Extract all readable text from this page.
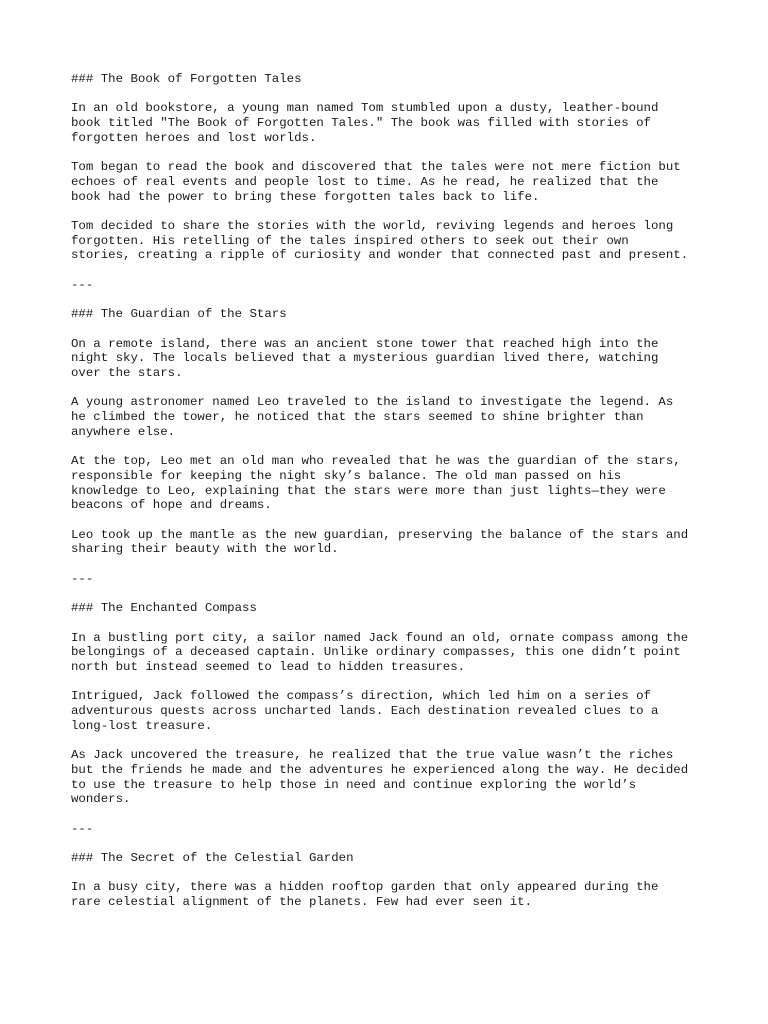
### The Book of Forgotten Tales

In an old bookstore, a young man named Tom stumbled upon a dusty, leather-bound
book titled "The Book of Forgotten Tales." The book was filled with stories of
forgotten heroes and lost worlds.

Tom began to read the book and discovered that the tales were not mere fiction but
echoes of real events and people lost to time. As he read, he realized that the
book had the power to bring these forgotten tales back to life.

Tom decided to share the stories with the world, reviving legends and heroes long
forgotten. His retelling of the tales inspired others to seek out their own
stories, creating a ripple of curiosity and wonder that connected past and present.

---

### The Guardian of the Stars

On a remote island, there was an ancient stone tower that reached high into the
night sky. The locals believed that a mysterious guardian lived there, watching
over the stars.

A young astronomer named Leo traveled to the island to investigate the legend. As
he climbed the tower, he noticed that the stars seemed to shine brighter than
anywhere else.

At the top, Leo met an old man who revealed that he was the guardian of the stars,
responsible for keeping the night sky’s balance. The old man passed on his
knowledge to Leo, explaining that the stars were more than just lights—they were
beacons of hope and dreams.

Leo took up the mantle as the new guardian, preserving the balance of the stars and
sharing their beauty with the world.

---

### The Enchanted Compass

In a bustling port city, a sailor named Jack found an old, ornate compass among the
belongings of a deceased captain. Unlike ordinary compasses, this one didn’t point
north but instead seemed to lead to hidden treasures.

Intrigued, Jack followed the compass’s direction, which led him on a series of
adventurous quests across uncharted lands. Each destination revealed clues to a
long-lost treasure.

As Jack uncovered the treasure, he realized that the true value wasn’t the riches
but the friends he made and the adventures he experienced along the way. He decided
to use the treasure to help those in need and continue exploring the world’s
wonders.

---

### The Secret of the Celestial Garden

In a busy city, there was a hidden rooftop garden that only appeared during the
rare celestial alignment of the planets. Few had ever seen it.
